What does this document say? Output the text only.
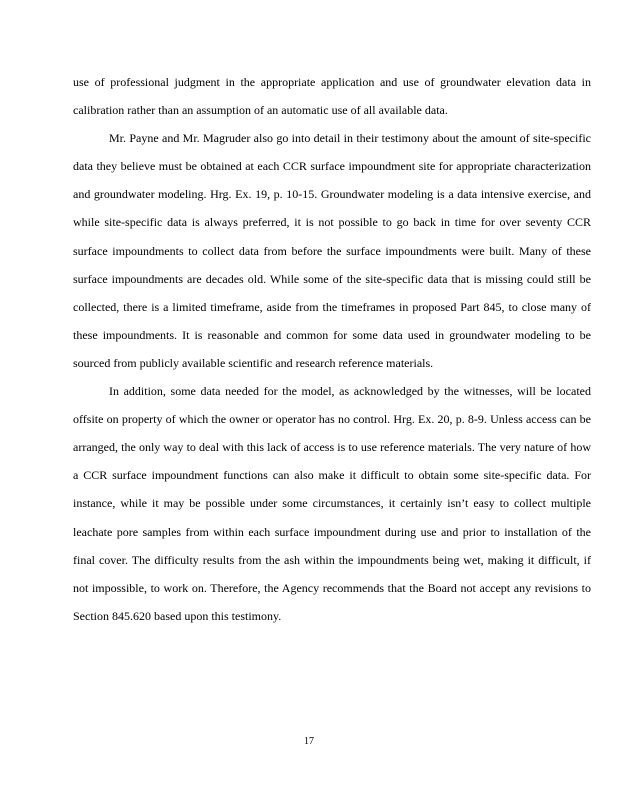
use of professional judgment in the appropriate application and use of groundwater elevation data in calibration rather than an assumption of an automatic use of all available data.

Mr. Payne and Mr. Magruder also go into detail in their testimony about the amount of site-specific data they believe must be obtained at each CCR surface impoundment site for appropriate characterization and groundwater modeling. Hrg. Ex. 19, p. 10-15. Groundwater modeling is a data intensive exercise, and while site-specific data is always preferred, it is not possible to go back in time for over seventy CCR surface impoundments to collect data from before the surface impoundments were built. Many of these surface impoundments are decades old. While some of the site-specific data that is missing could still be collected, there is a limited timeframe, aside from the timeframes in proposed Part 845, to close many of these impoundments. It is reasonable and common for some data used in groundwater modeling to be sourced from publicly available scientific and research reference materials.

In addition, some data needed for the model, as acknowledged by the witnesses, will be located offsite on property of which the owner or operator has no control. Hrg. Ex. 20, p. 8-9. Unless access can be arranged, the only way to deal with this lack of access is to use reference materials. The very nature of how a CCR surface impoundment functions can also make it difficult to obtain some site-specific data. For instance, while it may be possible under some circumstances, it certainly isn’t easy to collect multiple leachate pore samples from within each surface impoundment during use and prior to installation of the final cover. The difficulty results from the ash within the impoundments being wet, making it difficult, if not impossible, to work on. Therefore, the Agency recommends that the Board not accept any revisions to Section 845.620 based upon this testimony.

17
